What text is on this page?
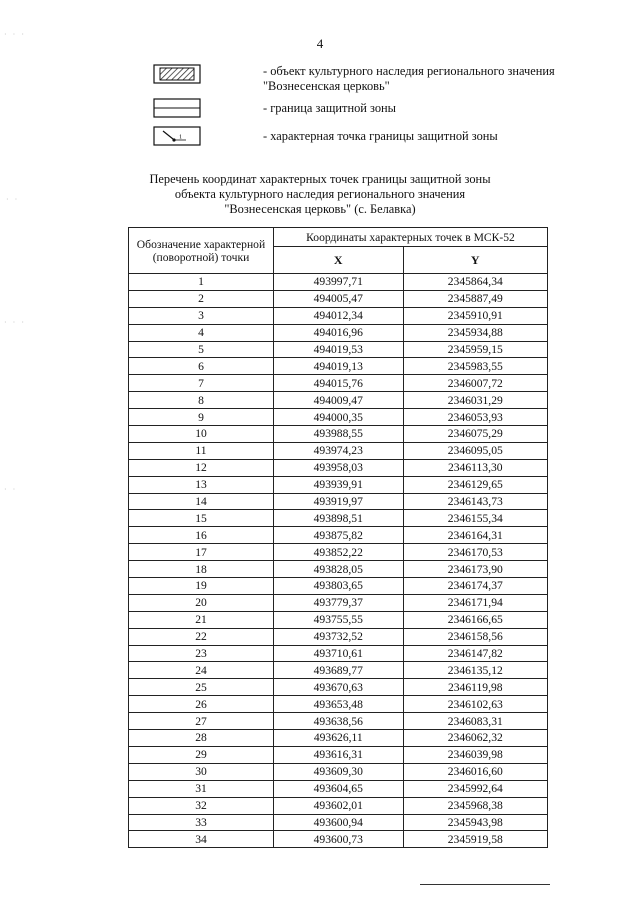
4
· · ·
· ·
· · ·
· ·
- объект культурного наследия регионального значения "Вознесенская церковь"
- граница защитной зоны
1	- характерная точка границы защитной зоны
Перечень координат характерных точек границы защитной зоны
объекта культурного наследия регионального значения
"Вознесенская церковь" (с. Белавка)
Обозначение характерной (поворотной) точки	Координаты характерных точек в МСК-52	
	X	Y
1	493997,71	2345864,34
2	494005,47	2345887,49
3	494012,34	2345910,91
4	494016,96	2345934,88
5	494019,53	2345959,15
6	494019,13	2345983,55
7	494015,76	2346007,72
8	494009,47	2346031,29
9	494000,35	2346053,93
10	493988,55	2346075,29
11	493974,23	2346095,05
12	493958,03	2346113,30
13	493939,91	2346129,65
14	493919,97	2346143,73
15	493898,51	2346155,34
16	493875,82	2346164,31
17	493852,22	2346170,53
18	493828,05	2346173,90
19	493803,65	2346174,37
20	493779,37	2346171,94
21	493755,55	2346166,65
22	493732,52	2346158,56
23	493710,61	2346147,82
24	493689,77	2346135,12
25	493670,63	2346119,98
26	493653,48	2346102,63
27	493638,56	2346083,31
28	493626,11	2346062,32
29	493616,31	2346039,98
30	493609,30	2346016,60
31	493604,65	2345992,64
32	493602,01	2345968,38
33	493600,94	2345943,98
34	493600,73	2345919,58
